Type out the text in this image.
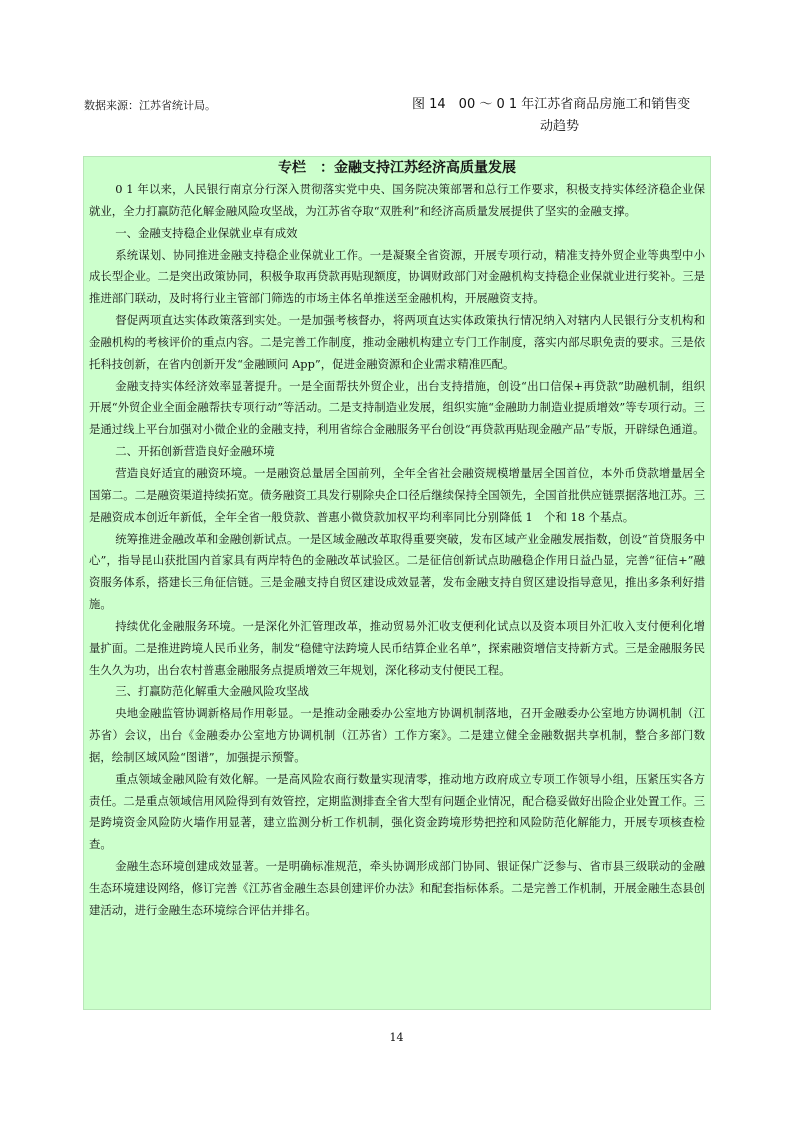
数据来源：江苏省统计局。	图 14　00 ～ 0 1 年江苏省商品房施工和销售变
动趋势
专栏　：金融支持江苏经济高质量发展

0 1 年以来，人民银行南京分行深入贯彻落实党中央、国务院决策部署和总行工作要求，积极支持实体经济稳企业保就业，全力打赢防范化解金融风险攻坚战，为江苏省夺取“双胜利”和经济高质量发展提供了坚实的金融支撑。

一、金融支持稳企业保就业卓有成效

系统谋划、协同推进金融支持稳企业保就业工作。一是凝聚全省资源，开展专项行动，精准支持外贸企业等典型中小成长型企业。二是突出政策协同，积极争取再贷款再贴现额度，协调财政部门对金融机构支持稳企业保就业进行奖补。三是推进部门联动，及时将行业主管部门筛选的市场主体名单推送至金融机构，开展融资支持。

督促两项直达实体政策落到实处。一是加强考核督办，将两项直达实体政策执行情况纳入对辖内人民银行分支机构和金融机构的考核评价的重点内容。二是完善工作制度，推动金融机构建立专门工作制度，落实内部尽职免责的要求。三是依托科技创新，在省内创新开发“金融顾问 App”，促进金融资源和企业需求精准匹配。

金融支持实体经济效率显著提升。一是全面帮扶外贸企业，出台支持措施，创设“出口信保+再贷款”助融机制，组织开展“外贸企业全面金融帮扶专项行动”等活动。二是支持制造业发展，组织实施“金融助力制造业提质增效”等专项行动。三是通过线上平台加强对小微企业的金融支持，利用省综合金融服务平台创设“再贷款再贴现金融产品”专版，开辟绿色通道。

二、开拓创新营造良好金融环境

营造良好适宜的融资环境。一是融资总量居全国前列，全年全省社会融资规模增量居全国首位，本外币贷款增量居全国第二。二是融资渠道持续拓宽。债务融资工具发行剔除央企口径后继续保持全国领先，全国首批供应链票据落地江苏。三是融资成本创近年新低，全年全省一般贷款、普惠小微贷款加权平均利率同比分别降低 1　个和 18 个基点。

统筹推进金融改革和金融创新试点。一是区域金融改革取得重要突破，发布区域产业金融发展指数，创设“首贷服务中心”，指导昆山获批国内首家具有两岸特色的金融改革试验区。二是征信创新试点助融稳企作用日益凸显，完善“征信+”融资服务体系，搭建长三角征信链。三是金融支持自贸区建设成效显著，发布金融支持自贸区建设指导意见，推出多条利好措施。

持续优化金融服务环境。一是深化外汇管理改革，推动贸易外汇收支便利化试点以及资本项目外汇收入支付便利化增量扩面。二是推进跨境人民币业务，制发“稳健守法跨境人民币结算企业名单”，探索融资增信支持新方式。三是金融服务民生久久为功，出台农村普惠金融服务点提质增效三年规划，深化移动支付便民工程。

三、打赢防范化解重大金融风险攻坚战

央地金融监管协调新格局作用彰显。一是推动金融委办公室地方协调机制落地，召开金融委办公室地方协调机制（江苏省）会议，出台《金融委办公室地方协调机制（江苏省）工作方案》。二是建立健全金融数据共享机制，整合多部门数据，绘制区域风险“图谱”，加强提示预警。

重点领域金融风险有效化解。一是高风险农商行数量实现清零，推动地方政府成立专项工作领导小组，压紧压实各方责任。二是重点领域信用风险得到有效管控，定期监测排查全省大型有问题企业情况，配合稳妥做好出险企业处置工作。三是跨境资金风险防火墙作用显著，建立监测分析工作机制，强化资金跨境形势把控和风险防范化解能力，开展专项核查检查。

金融生态环境创建成效显著。一是明确标准规范，牵头协调形成部门协同、银证保广泛参与、省市县三级联动的金融生态环境建设网络，修订完善《江苏省金融生态县创建评价办法》和配套指标体系。二是完善工作机制，开展金融生态县创建活动，进行金融生态环境综合评估并排名。

14
